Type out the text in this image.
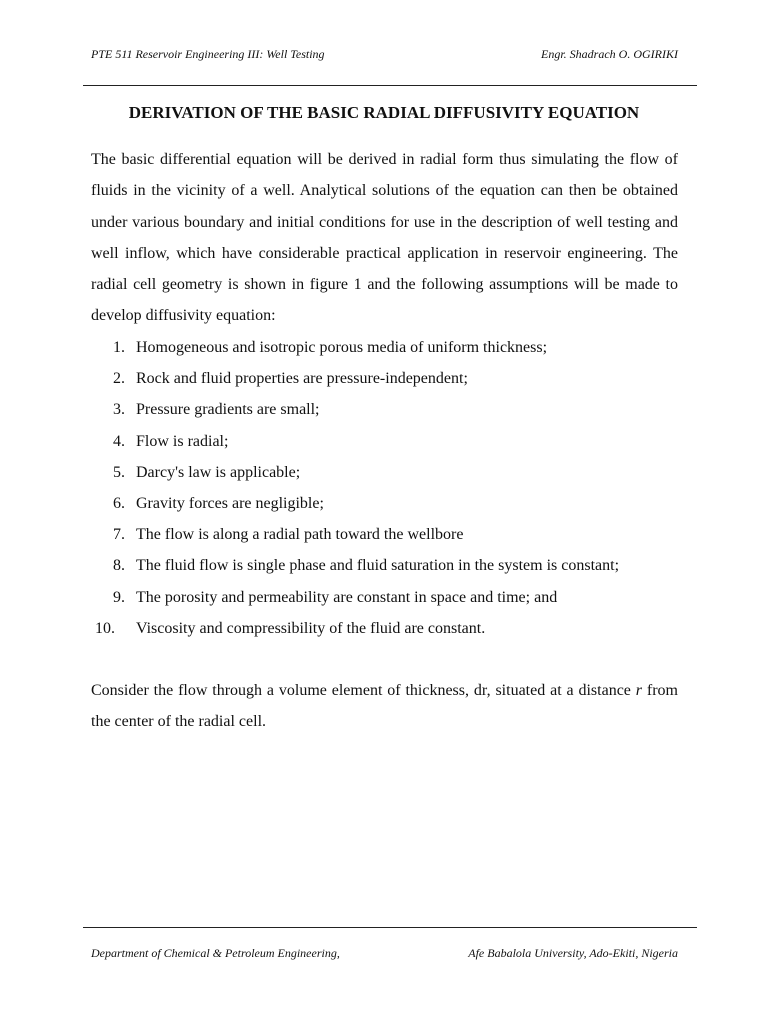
PTE 511 Reservoir Engineering III: Well Testing	Engr. Shadrach O. OGIRIKI
DERIVATION OF THE BASIC RADIAL DIFFUSIVITY EQUATION

The basic differential equation will be derived in radial form thus simulating the flow of fluids in the vicinity of a well. Analytical solutions of the equation can then be obtained under various boundary and initial conditions for use in the description of well testing and well inflow, which have considerable practical application in reservoir engineering. The radial cell geometry is shown in figure 1 and the following assumptions will be made to develop diffusivity equation:

1. Homogeneous and isotropic porous media of uniform thickness;
2. Rock and fluid properties are pressure-independent;
3. Pressure gradients are small;
4. Flow is radial;
5. Darcy's law is applicable;
6. Gravity forces are negligible;
7. The flow is along a radial path toward the wellbore
8. The fluid flow is single phase and fluid saturation in the system is constant;
9. The porosity and permeability are constant in space and time; and
10.	Viscosity and compressibility of the fluid are constant.

Consider the flow through a volume element of thickness, dr, situated at a distance r from the center of the radial cell.

Department of Chemical & Petroleum Engineering,	Afe Babalola University, Ado-Ekiti, Nigeria
